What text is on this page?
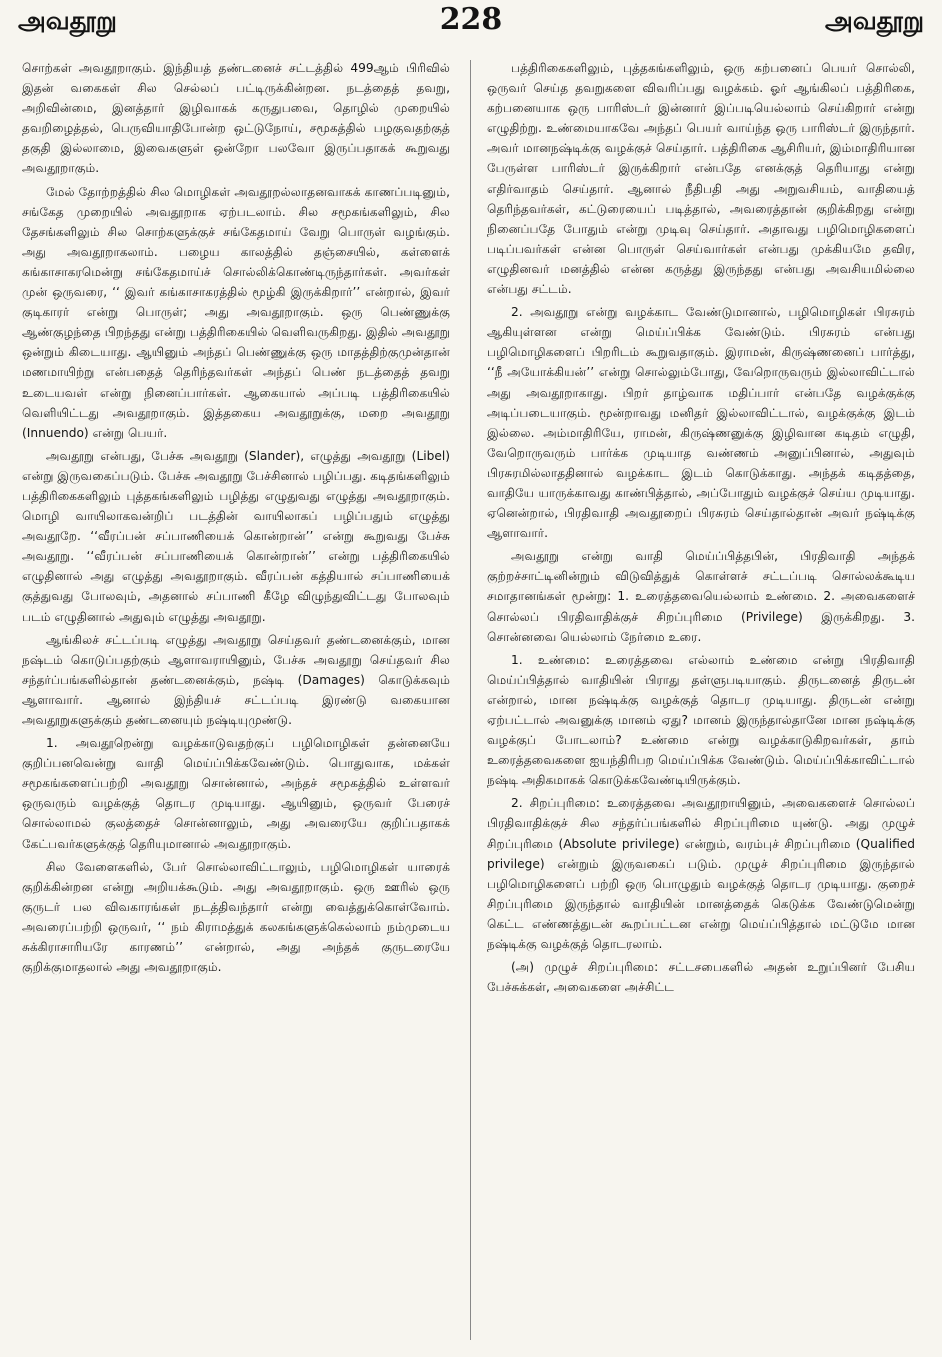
அவதூறு	228	அவதூறு

சொற்கள் அவதூறாகும். இந்தியத் தண்டனைச் சட்டத்தில் 499ஆம் பிரிவில் இதன் வகைகள் சில செல்லப் பட்டிருக்கின்றன. நடத்தைத் தவறு, அறிவின்மை, இனத்தார் இழிவாகக் கருதுபவை, தொழில் முறையில் தவறிழைத்தல், பெருவியாதிபோன்ற ஒட்டுநோய், சமூகத்தில் பழகுவதற்குத் தகுதி இல்லாமை, இவைகளுள் ஒன்றோ பலவோ இருப்பதாகக் கூறுவது அவதூறாகும்.

மேல் தோற்றத்தில் சில மொழிகள் அவதூறல்லாதனவாகக் காணப்படினும், சங்கேத முறையில் அவதூறாக ஏற்படலாம். சில சமூகங்களிலும், சில தேசங்களிலும் சில சொற்களுக்குச் சங்கேதமாய் வேறு பொருள் வழங்கும். அது அவதூறாகலாம். பழைய காலத்தில் தஞ்சையில், கள்ளைக் கங்காசாகரமென்று சங்கேதமாய்ச் சொல்லிக்கொண்டிருந்தார்கள். அவர்கள் முன் ஒருவரை, ‘‘ இவர் கங்காசாகரத்தில் மூழ்கி இருக்கிறார்’’ என்றால், இவர் குடிகாரர் என்று பொருள்; அது அவதூறாகும். ஒரு பெண்ணுக்கு ஆண்குழந்தை பிறந்தது என்று பத்திரிகையில் வெளிவருகிறது. இதில் அவதூறு ஒன்றும் கிடையாது. ஆயினும் அந்தப் பெண்ணுக்கு ஒரு மாதத்திற்குமுன்தான் மணமாயிற்று என்பதைத் தெரிந்தவர்கள் அந்தப் பெண் நடத்தைத் தவறு உடையவள் என்று நினைப்பார்கள். ஆகையால் அப்படி பத்திரிகையில் வெளியிட்டது அவதூறாகும். இத்தகைய அவதூறுக்கு, மறை அவதூறு (Innuendo) என்று பெயர்.

அவதூறு என்பது, பேச்சு அவதூறு (Slander), எழுத்து அவதூறு (Libel) என்று இருவகைப்படும். பேச்சு அவதூறு பேச்சினால் பழிப்பது. கடிதங்களிலும் பத்திரிகைகளிலும் புத்தகங்களிலும் பழித்து எழுதுவது எழுத்து அவதூறாகும். மொழி வாயிலாகவன்றிப் படத்தின் வாயிலாகப் பழிப்பதும் எழுத்து அவதூறே. ‘‘வீரப்பன் சப்பாணியைக் கொன்றான்’’ என்று கூறுவது பேச்சு அவதூறு. ‘‘வீரப்பன் சப்பாணியைக் கொன்றான்’’ என்று பத்திரிகையில் எழுதினால் அது எழுத்து அவதூறாகும். வீரப்பன் கத்தியால் சப்பாணியைக் குத்துவது போலவும், அதனால் சப்பாணி கீழே விழுந்துவிட்டது போலவும் படம் எழுதினால் அதுவும் எழுத்து அவதூறு.

ஆங்கிலச் சட்டப்படி எழுத்து அவதூறு செய்தவர் தண்டனைக்கும், மான நஷ்டம் கொடுப்பதற்கும் ஆளாவராயினும், பேச்சு அவதூறு செய்தவர் சில சந்தர்ப்பங்களில்தான் தண்டனைக்கும், நஷ்டி (Damages) கொடுக்கவும் ஆளாவார். ஆனால் இந்தியச் சட்டப்படி இரண்டு வகையான அவதூறுகளுக்கும் தண்டனையும் நஷ்டியுமுண்டு.

1. அவதூறென்று வழக்காடுவதற்குப் பழிமொழிகள் தன்னையே குறிப்பனவென்று வாதி மெய்ப்பிக்கவேண்டும். பொதுவாக, மக்கள் சமூகங்களைப்பற்றி அவதூறு சொன்னால், அந்தச் சமூகத்தில் உள்ளவர் ஒருவரும் வழக்குத் தொடர முடியாது. ஆயினும், ஒருவர் பேரைச் சொல்லாமல் குலத்தைச் சொன்னாலும், அது அவரையே குறிப்பதாகக் கேட்பவர்களுக்குத் தெரியுமானால் அவதூறாகும்.

சில வேளைகளில், பேர் சொல்லாவிட்டாலும், பழிமொழிகள் யாரைக் குறிக்கின்றன என்று அறியக்கூடும். அது அவதூறாகும். ஒரு ஊரில் ஒரு குருடர் பல விவகாரங்கள் நடத்திவந்தார் என்று வைத்துக்கொள்வோம். அவரைப்பற்றி ஒருவர், ‘‘ நம் கிராமத்துக் கலகங்களுக்கெல்லாம் நம்முடைய சுக்கிராசாரியரே காரணம்’’ என்றால், அது அந்தக் குருடரையே குறிக்குமாதலால் அது அவதூறாகும்.

பத்திரிகைகளிலும், புத்தகங்களிலும், ஒரு கற்பனைப் பெயர் சொல்லி, ஒருவர் செய்த தவறுகளை விவரிப்பது வழக்கம். ஓர் ஆங்கிலப் பத்திரிகை, கற்பனையாக ஒரு பாரிஸ்டர் இன்னார் இப்படியெல்லாம் செய்கிறார் என்று எழுதிற்று. உண்மையாகவே அந்தப் பெயர் வாய்ந்த ஒரு பாரிஸ்டர் இருந்தார். அவர் மானநஷ்டிக்கு வழக்குச் செய்தார். பத்திரிகை ஆசிரியர், இம்மாதிரியான பேருள்ள பாரிஸ்டர் இருக்கிறார் என்பதே எனக்குத் தெரியாது என்று எதிர்வாதம் செய்தார். ஆனால் நீதிபதி அது அறுவசியம், வாதியைத் தெரிந்தவர்கள், கட்டுரையைப் படித்தால், அவரைத்தான் குறிக்கிறது என்று நினைப்பதே போதும் என்று முடிவு செய்தார். அதாவது பழிமொழிகளைப் படிப்பவர்கள் என்ன பொருள் செய்வார்கள் என்பது முக்கியமே தவிர, எழுதினவர் மனத்தில் என்ன கருத்து இருந்தது என்பது அவசியமில்லை என்பது சட்டம்.

2. அவதூறு என்று வழக்காட வேண்டுமானால், பழிமொழிகள் பிரசுரம் ஆகியுள்ளன என்று மெய்ப்பிக்க வேண்டும். பிரசுரம் என்பது பழிமொழிகளைப் பிறரிடம் கூறுவதாகும். இராமன், கிருஷ்ணனைப் பார்த்து, ‘‘நீ அயோக்கியன்’’ என்று சொல்லும்போது, வேறொருவரும் இல்லாவிட்டால் அது அவதூறாகாது. பிறர் தாழ்வாக மதிப்பார் என்பதே வழக்குக்கு அடிப்படையாகும். மூன்றாவது மனிதர் இல்லாவிட்டால், வழக்குக்கு இடம் இல்லை. அம்மாதிரியே, ராமன், கிருஷ்ணனுக்கு இழிவான கடிதம் எழுதி, வேறொருவரும் பார்க்க முடியாத வண்ணம் அனுப்பினால், அதுவும் பிரசுரமில்லாததினால் வழக்காட இடம் கொடுக்காது. அந்தக் கடிதத்தை, வாதியே யாருக்காவது காண்பித்தால், அப்போதும் வழக்குச் செய்ய முடியாது. ஏனென்றால், பிரதிவாதி அவதூறைப் பிரசுரம் செய்தால்தான் அவர் நஷ்டிக்கு ஆளாவார்.

அவதூறு என்று வாதி மெய்ப்பித்தபின், பிரதிவாதி அந்தக் குற்றச்சாட்டினின்றும் விடுவித்துக் கொள்ளச் சட்டப்படி சொல்லக்கூடிய சமாதானங்கள் மூன்று: 1. உரைத்தவையெல்லாம் உண்மை. 2. அவைகளைச் சொல்லப் பிரதிவாதிக்குச் சிறப்புரிமை (Privilege) இருக்கிறது. 3. சொன்னவை யெல்லாம் நேர்மை உரை.

1. உண்மை: உரைத்தவை எல்லாம் உண்மை என்று பிரதிவாதி மெய்ப்பித்தால் வாதியின் பிராது தள்ளுபடியாகும். திருடனைத் திருடன் என்றால், மான நஷ்டிக்கு வழக்குத் தொடர முடியாது. திருடன் என்று ஏற்பட்டால் அவனுக்கு மானம் ஏது? மானம் இருந்தால்தானே மான நஷ்டிக்கு வழக்குப் போடலாம்? உண்மை என்று வழக்காடுகிறவர்கள், தாம் உரைத்தவைகளை ஐயந்திரிபற மெய்ப்பிக்க வேண்டும். மெய்ப்பிக்காவிட்டால் நஷ்டி அதிகமாகக் கொடுக்கவேண்டியிருக்கும்.

2. சிறப்புரிமை: உரைத்தவை அவதூறாயினும், அவைகளைச் சொல்லப் பிரதிவாதிக்குச் சில சந்தர்ப்பங்களில் சிறப்புரிமை யுண்டு. அது முழுச் சிறப்புரிமை (Absolute privilege) என்றும், வரம்புச் சிறப்புரிமை (Qualified privilege) என்றும் இருவகைப் படும். முழுச் சிறப்புரிமை இருந்தால் பழிமொழிகளைப் பற்றி ஒரு பொழுதும் வழக்குத் தொடர முடியாது. குறைச் சிறப்புரிமை இருந்தால் வாதியின் மானத்தைக் கெடுக்க வேண்டுமென்று கெட்ட எண்ணத்துடன் கூறப்பட்டன என்று மெய்ப்பித்தால் மட்டுமே மான நஷ்டிக்கு வழக்குத் தொடரலாம்.

(அ) முழுச் சிறப்புரிமை: சட்டசபைகளில் அதன் உறுப்பினர் பேசிய பேச்சுக்கள், அவைகளை அச்சிட்ட
